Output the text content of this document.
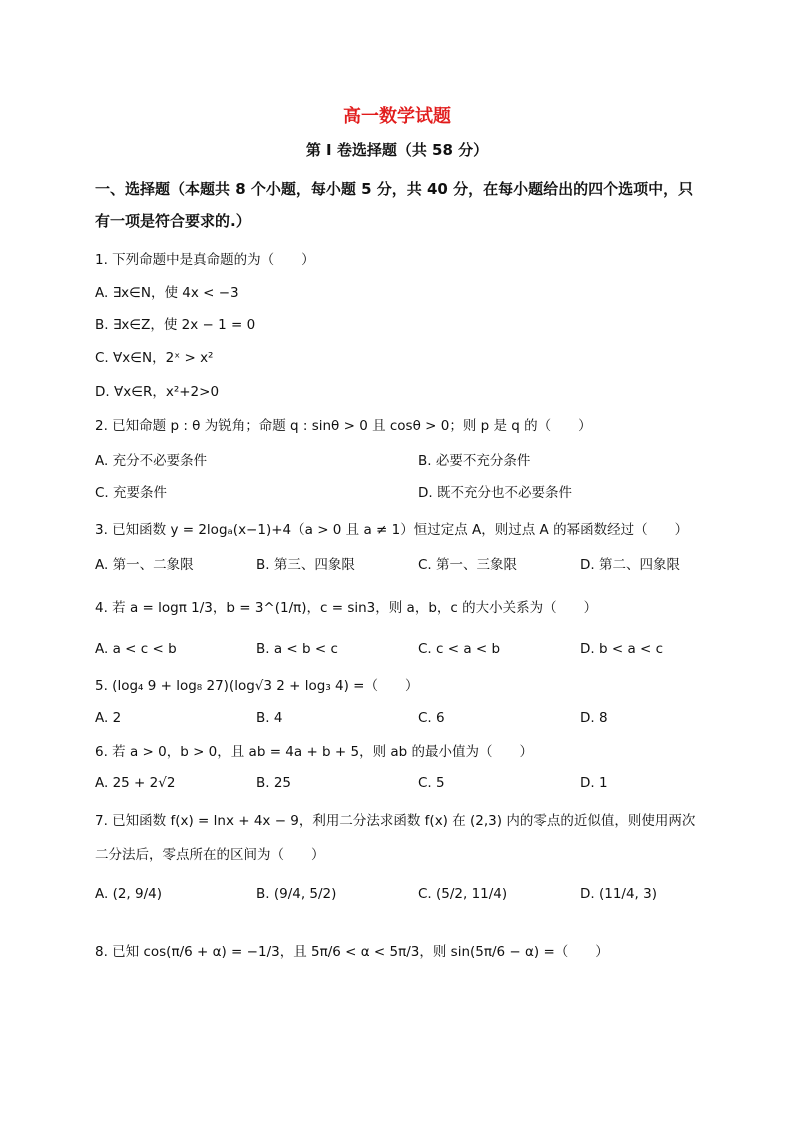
高一数学试题
第 I 卷选择题（共 58 分）
一、选择题（本题共 8 个小题，每小题 5 分，共 40 分，在每小题给出的四个选项中，只
有一项是符合要求的.）
1. 下列命题中是真命题的为（　　）
A. ∃x∈N，使 4x < −3
B. ∃x∈Z，使 2x − 1 = 0
C. ∀x∈N，2ˣ > x²
D. ∀x∈R，x²+2>0
2. 已知命题 p : θ 为锐角；命题 q : sinθ > 0 且 cosθ > 0；则 p 是 q 的（　　）
A. 充分不必要条件	B. 必要不充分条件
C. 充要条件	D. 既不充分也不必要条件
3. 已知函数 y = 2logₐ(x−1)+4（a > 0 且 a ≠ 1）恒过定点 A，则过点 A 的幂函数经过（　　）
A. 第一、二象限	B. 第三、四象限	C. 第一、三象限	D. 第二、四象限
4. 若 a = logπ 1/3，b = 3^(1/π)，c = sin3，则 a，b，c 的大小关系为（　　）
A. a < c < b	B. a < b < c	C. c < a < b	D. b < a < c
5. (log₄ 9 + log₈ 27)(log√3 2 + log₃ 4) =（　　）
A. 2	B. 4	C. 6	D. 8
6. 若 a > 0，b > 0，且 ab = 4a + b + 5，则 ab 的最小值为（　　）
A. 25 + 2√2	B. 25	C. 5	D. 1
7. 已知函数 f(x) = lnx + 4x − 9，利用二分法求函数 f(x) 在 (2,3) 内的零点的近似值，则使用两次
二分法后，零点所在的区间为（　　）
A. (2, 9/4)	B. (9/4, 5/2)	C. (5/2, 11/4)	D. (11/4, 3)
8. 已知 cos(π/6 + α) = −1/3，且 5π/6 < α < 5π/3，则 sin(5π/6 − α) =（　　）
